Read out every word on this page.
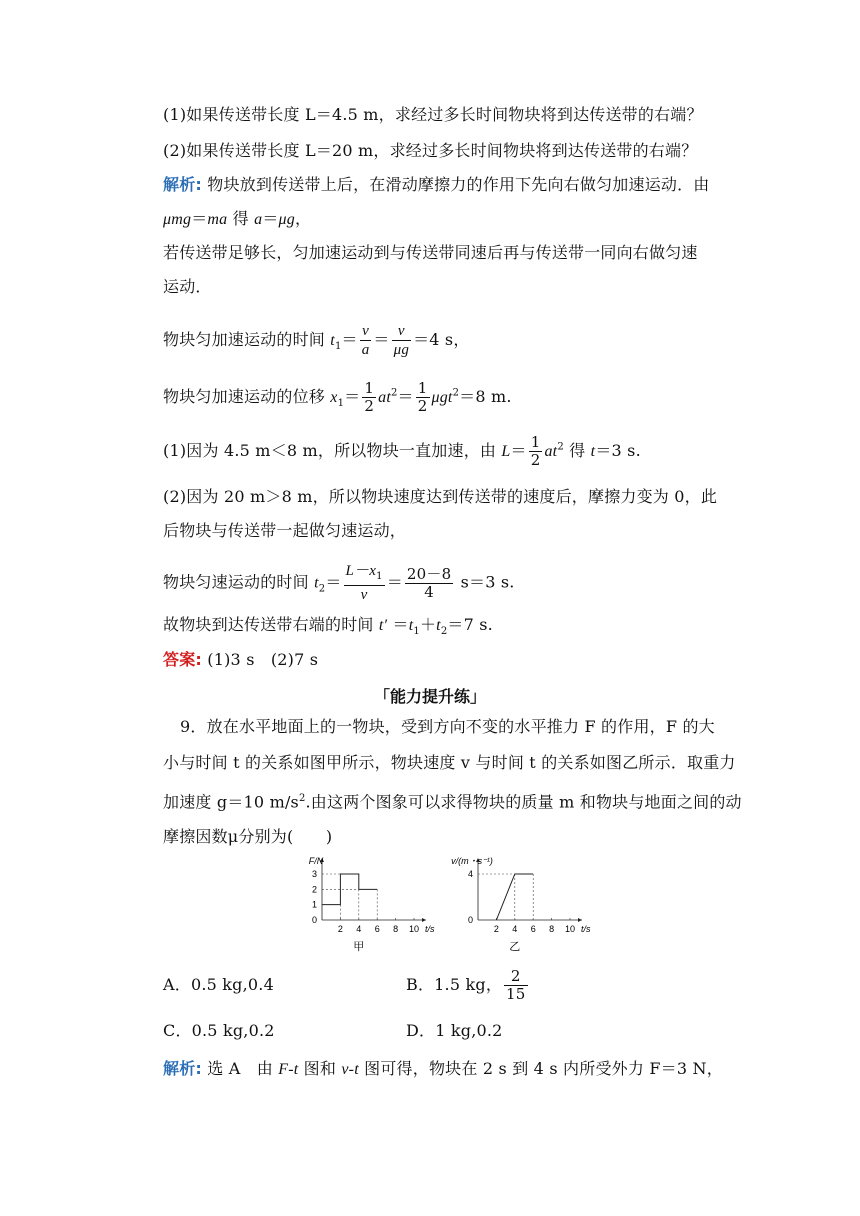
(1)如果传送带长度 L＝4.5 m，求经过多长时间物块将到达传送带的右端？
(2)如果传送带长度 L＝20 m，求经过多长时间物块将到达传送带的右端？
解析: 物块放到传送带上后，在滑动摩擦力的作用下先向右做匀加速运动．由
μmg＝ma 得 a＝μg，
若传送带足够长，匀加速运动到与传送带同速后再与传送带一同向右做匀速
运动．
物块匀加速运动的时间 $t_1= \frac{v}{a} = \frac{v}{\mu g} =4$ s，
物块匀加速运动的位移 $x_1= \frac{1}{2} at^2= \frac{1}{2} \mu gt^2=8$ m.
(1)因为 4.5 m＜8 m，所以物块一直加速，由 $L= \frac{1}{2} at^2$ 得 t＝3 s.
(2)因为 20 m＞8 m，所以物块速度达到传送带的速度后，摩擦力变为 0，此
后物块与传送带一起做匀速运动，
物块匀速运动的时间 $t_2= \frac{L-x_1}{v} = \frac{20-8}{4} s=3$ s.
故物块到达传送带右端的时间 $t' =t_1+t_2=7$ s.
答案: (1)3 s　(2)7 s
「能力提升练」
9．放在水平地面上的一物块，受到方向不变的水平推力 F 的作用，F 的大
小与时间 t 的关系如图甲所示，物块速度 v 与时间 t 的关系如图乙所示．取重力
加速度 g＝10 $m/s^2$.由这两个图象可以求得物块的质量 m 和物块与地面之间的动
摩擦因数μ分别为(　　)
2 4 6 8 10 t/s
0
1
2
3
F/N
甲
2 4 6 8 10 t/s
0
4
v/(m・s⁻¹)
乙
A．0.5 kg,0.4	B．1.5 kg， $\frac{2}{15}$
C．0.5 kg,0.2	D．1 kg,0.2
解析: 选 A　由 F-t 图和 v-t 图可得，物块在 2 s 到 4 s 内所受外力 F＝3 N，
